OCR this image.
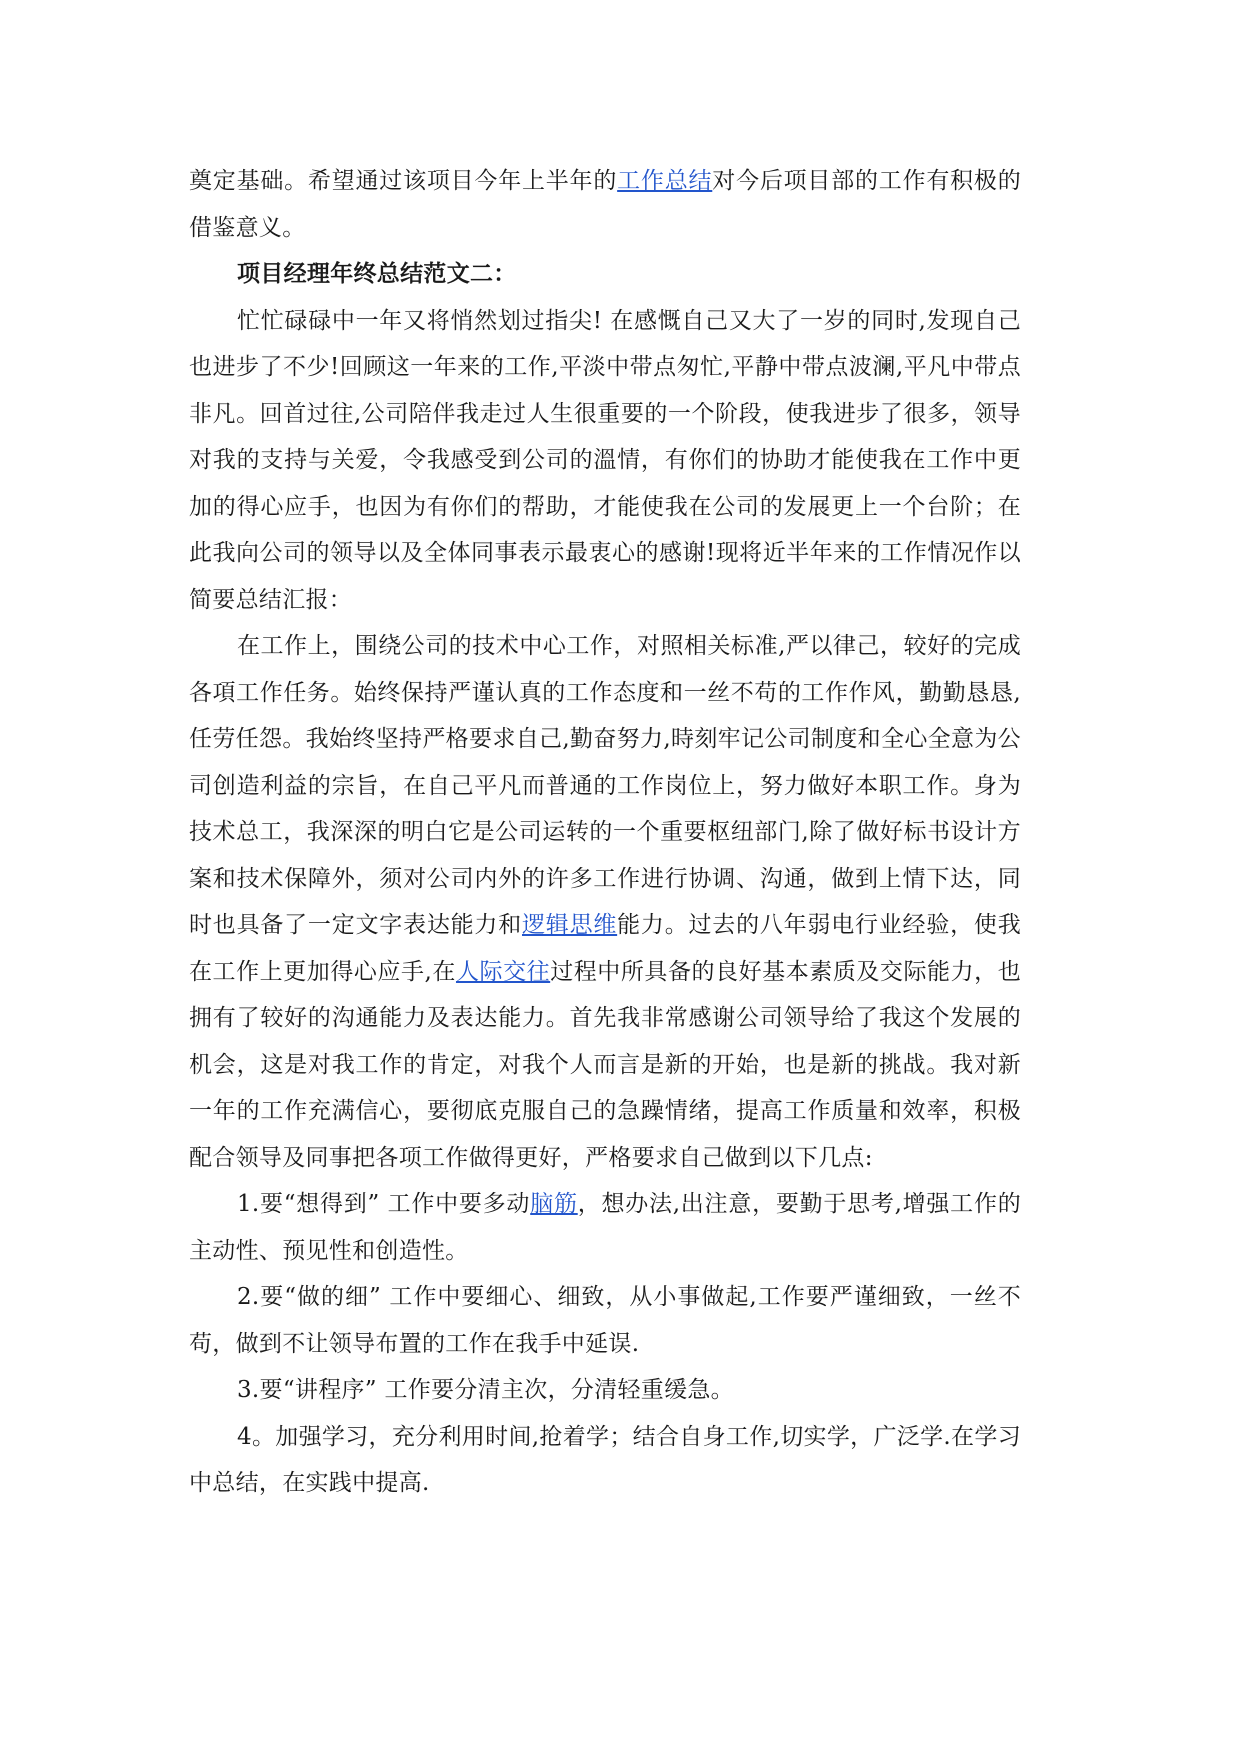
奠定基础。希望通过该项目今年上半年的工作总结对今后项目部的工作有积极的借鉴意义。

项目经理年终总结范文二：

忙忙碌碌中一年又将悄然划过指尖! 在感慨自己又大了一岁的同时,发现自己也进步了不少!回顾这一年来的工作,平淡中带点匆忙,平静中带点波澜,平凡中带点非凡。回首过往,公司陪伴我走过人生很重要的一个阶段，使我进步了很多，领导对我的支持与关爱，令我感受到公司的溫情，有你们的协助才能使我在工作中更加的得心应手，也因为有你们的帮助，才能使我在公司的发展更上一个台阶；在此我向公司的领导以及全体同事表示最衷心的感谢!现将近半年来的工作情况作以简要总结汇报：

在工作上，围绕公司的技术中心工作，对照相关标准,严以律己，较好的完成各項工作任务。始终保持严谨认真的工作态度和一丝不苟的工作作风，勤勤恳恳,任劳任怨。我始终坚持严格要求自己,勤奋努力,時刻牢记公司制度和全心全意为公司创造利益的宗旨，在自己平凡而普通的工作岗位上，努力做好本职工作。身为技术总工，我深深的明白它是公司运转的一个重要枢纽部门,除了做好标书设计方案和技术保障外，须对公司内外的许多工作进行协调、沟通，做到上情下达，同时也具备了一定文字表达能力和逻辑思维能力。过去的八年弱电行业经验，使我在工作上更加得心应手,在人际交往过程中所具备的良好基本素质及交际能力，也拥有了较好的沟通能力及表达能力。首先我非常感谢公司领导给了我这个发展的机会，这是对我工作的肯定，对我个人而言是新的开始，也是新的挑战。我对新一年的工作充满信心，要彻底克服自己的急躁情绪，提高工作质量和效率，积极配合领导及同事把各项工作做得更好，严格要求自己做到以下几点:

1.要“想得到” 工作中要多动脑筋，想办法,出注意，要勤于思考,增强工作的主动性、预见性和创造性。

2.要“做的细” 工作中要细心、细致，从小事做起,工作要严谨细致，一丝不苟，做到不让领导布置的工作在我手中延误.

3.要“讲程序” 工作要分清主次，分清轻重缓急。

4。加强学习，充分利用时间,抢着学；结合自身工作,切实学，广泛学.在学习中总结，在实践中提高.
